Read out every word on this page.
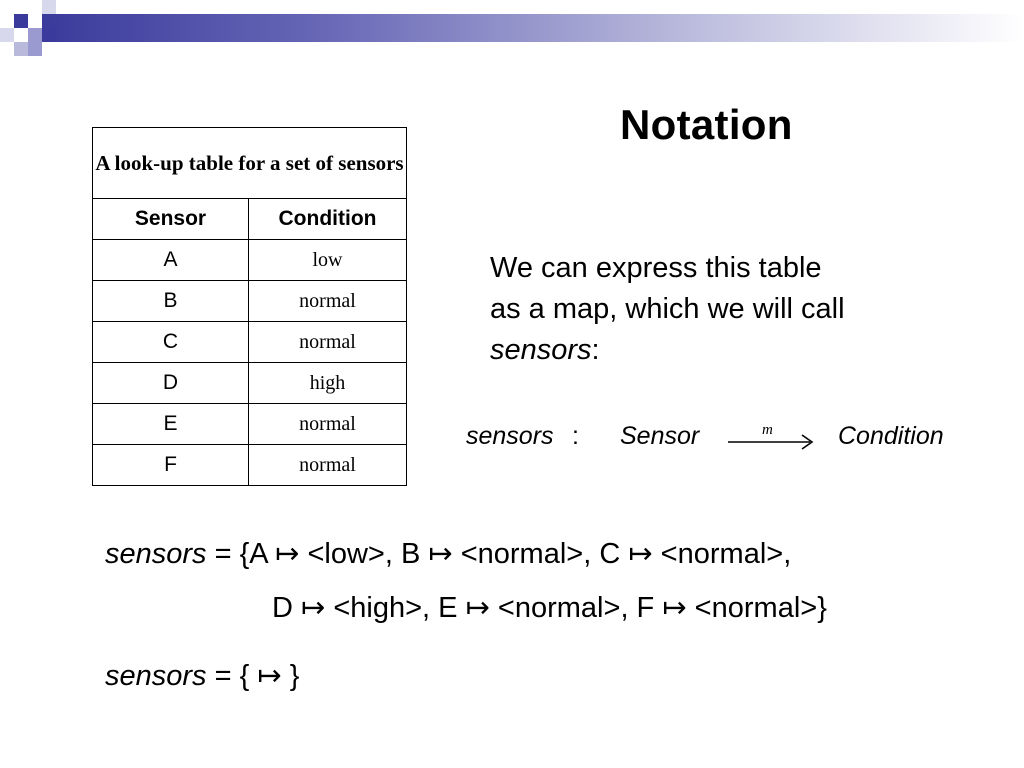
Notation
A look-up table for a set of sensors	
Sensor	Condition
A	low
B	normal
C	normal
D	high
E	normal
F	normal
We can express this table
as a map, which we will call
sensors:
sensors : Sensor	m	Condition
sensors = {A ↦ <low>, B ↦ <normal>, C ↦ <normal>,
D ↦ <high>, E ↦ <normal>, F ↦ <normal>}
sensors = { ↦ }
